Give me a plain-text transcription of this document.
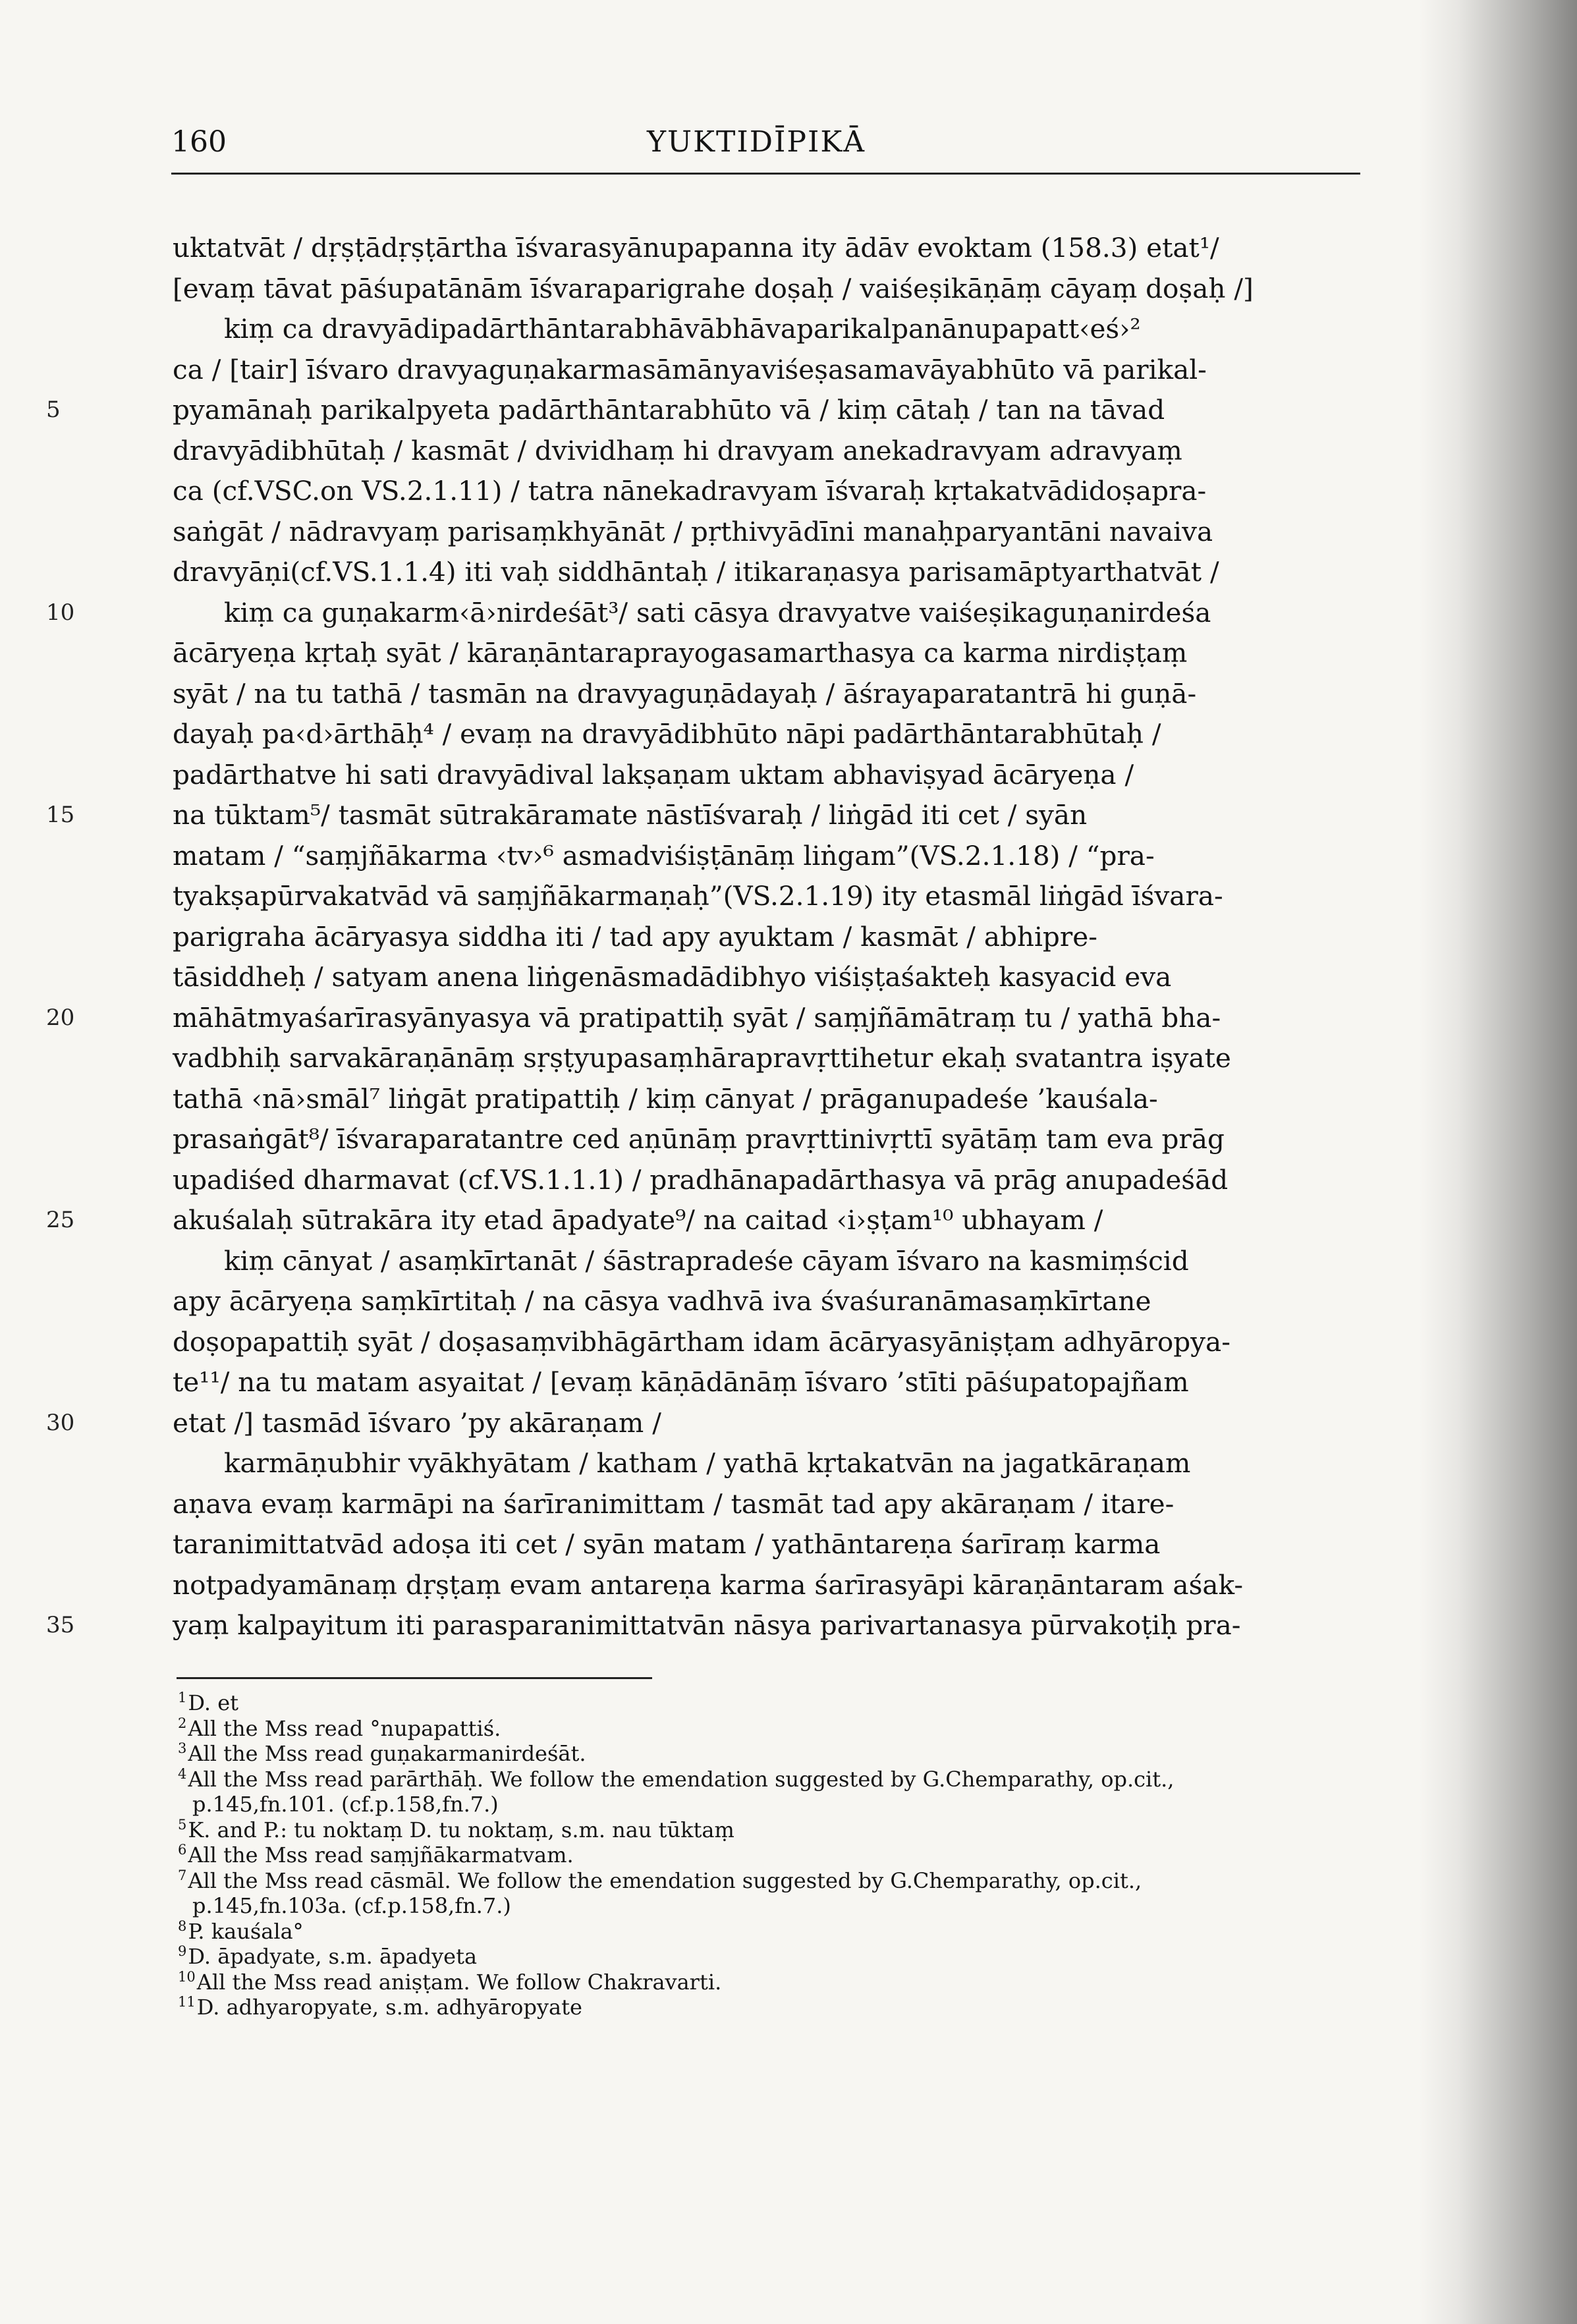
160	YUKTIDĪPIKĀ
uktatvāt / dṛṣṭādṛṣṭārtha īśvarasyānupapanna ity ādāv evoktam (158.3) etat¹/
[evaṃ tāvat pāśupatānām īśvaraparigrahe doṣaḥ / vaiśeṣikāṇāṃ cāyaṃ doṣaḥ /]
kiṃ ca dravyādipadārthāntarabhāvābhāvaparikalpanānupapatt‹eś›²
ca / [tair] īśvaro dravyaguṇakarmasāmānyaviśeṣasamavāyabhūto vā parikal-
5	pyamānaḥ parikalpyeta padārthāntarabhūto vā / kiṃ cātaḥ / tan na tāvad
dravyādibhūtaḥ / kasmāt / dvividhaṃ hi dravyam anekadravyam adravyaṃ
ca (cf.VSC.on VS.2.1.11) / tatra nānekadravyam īśvaraḥ kṛtakatvādidoṣapra-
saṅgāt / nādravyaṃ parisaṃkhyānāt / pṛthivyādīni manaḥparyantāni navaiva
dravyāṇi(cf.VS.1.1.4) iti vaḥ siddhāntaḥ / itikaraṇasya parisamāptyarthatvāt /
10	kiṃ ca guṇakarm‹ā›nirdeśāt³/ sati cāsya dravyatve vaiśeṣikaguṇanirdeśa
ācāryeṇa kṛtaḥ syāt / kāraṇāntaraprayogasamarthasya ca karma nirdiṣṭaṃ
syāt / na tu tathā / tasmān na dravyaguṇādayaḥ / āśrayaparatantrā hi guṇā-
dayaḥ pa‹d›ārthāḥ⁴ / evaṃ na dravyādibhūto nāpi padārthāntarabhūtaḥ /
padārthatve hi sati dravyādival lakṣaṇam uktam abhaviṣyad ācāryeṇa /
15	na tūktam⁵/ tasmāt sūtrakāramate nāstīśvaraḥ / liṅgād iti cet / syān
matam / “saṃjñākarma ‹tv›⁶ asmadviśiṣṭānāṃ liṅgam”(VS.2.1.18) / “pra-
tyakṣapūrvakatvād vā saṃjñākarmaṇaḥ”(VS.2.1.19) ity etasmāl liṅgād īśvara-
parigraha ācāryasya siddha iti / tad apy ayuktam / kasmāt / abhipre-
tāsiddheḥ / satyam anena liṅgenāsmadādibhyo viśiṣṭaśakteḥ kasyacid eva
20	māhātmyaśarīrasyānyasya vā pratipattiḥ syāt / saṃjñāmātraṃ tu / yathā bha-
vadbhiḥ sarvakāraṇānāṃ sṛṣṭyupasaṃhārapravṛttihetur ekaḥ svatantra iṣyate
tathā ‹nā›smāl⁷ liṅgāt pratipattiḥ / kiṃ cānyat / prāganupadeśe ’kauśala-
prasaṅgāt⁸/ īśvaraparatantre ced aṇūnāṃ pravṛttinivṛttī syātāṃ tam eva prāg
upadiśed dharmavat (cf.VS.1.1.1) / pradhānapadārthasya vā prāg anupadeśād
25	akuśalaḥ sūtrakāra ity etad āpadyate⁹/ na caitad ‹i›ṣṭam¹⁰ ubhayam /
kiṃ cānyat / asaṃkīrtanāt / śāstrapradeśe cāyam īśvaro na kasmiṃścid
apy ācāryeṇa saṃkīrtitaḥ / na cāsya vadhvā iva śvaśuranāmasaṃkīrtane
doṣopapattiḥ syāt / doṣasaṃvibhāgārtham idam ācāryasyāniṣṭam adhyāropya-
te¹¹/ na tu matam asyaitat / [evaṃ kāṇādānāṃ īśvaro ’stīti pāśupatopajñam
30	etat /] tasmād īśvaro ’py akāraṇam /
karmāṇubhir vyākhyātam / katham / yathā kṛtakatvān na jagatkāraṇam
aṇava evaṃ karmāpi na śarīranimittam / tasmāt tad apy akāraṇam / itare-
taranimittatvād adoṣa iti cet / syān matam / yathāntareṇa śarīraṃ karma
notpadyamānaṃ dṛṣṭaṃ evam antareṇa karma śarīrasyāpi kāraṇāntaram aśak-
35	yaṃ kalpayitum iti parasparanimittatvān nāsya parivartanasya pūrvakoṭiḥ pra-
$^1$D. et
$^2$All the Mss read °nupapattiś.
$^3$All the Mss read guṇakarmanirdeśāt.
$^4$All the Mss read parārthāḥ. We follow the emendation suggested by G.Chemparathy, op.cit.,
p.145,fn.101. (cf.p.158,fn.7.)
$^5$K. and P.: tu noktaṃ D. tu noktaṃ, s.m. nau tūktaṃ
$^6$All the Mss read saṃjñākarmatvam.
$^7$All the Mss read cāsmāl. We follow the emendation suggested by G.Chemparathy, op.cit.,
p.145,fn.103a. (cf.p.158,fn.7.)
$^8$P. kauśala°
$^9$D. āpadyate, s.m. āpadyeta
$^{10}$All the Mss read aniṣṭam. We follow Chakravarti.
$^{11}$D. adhyaropyate, s.m. adhyāropyate
